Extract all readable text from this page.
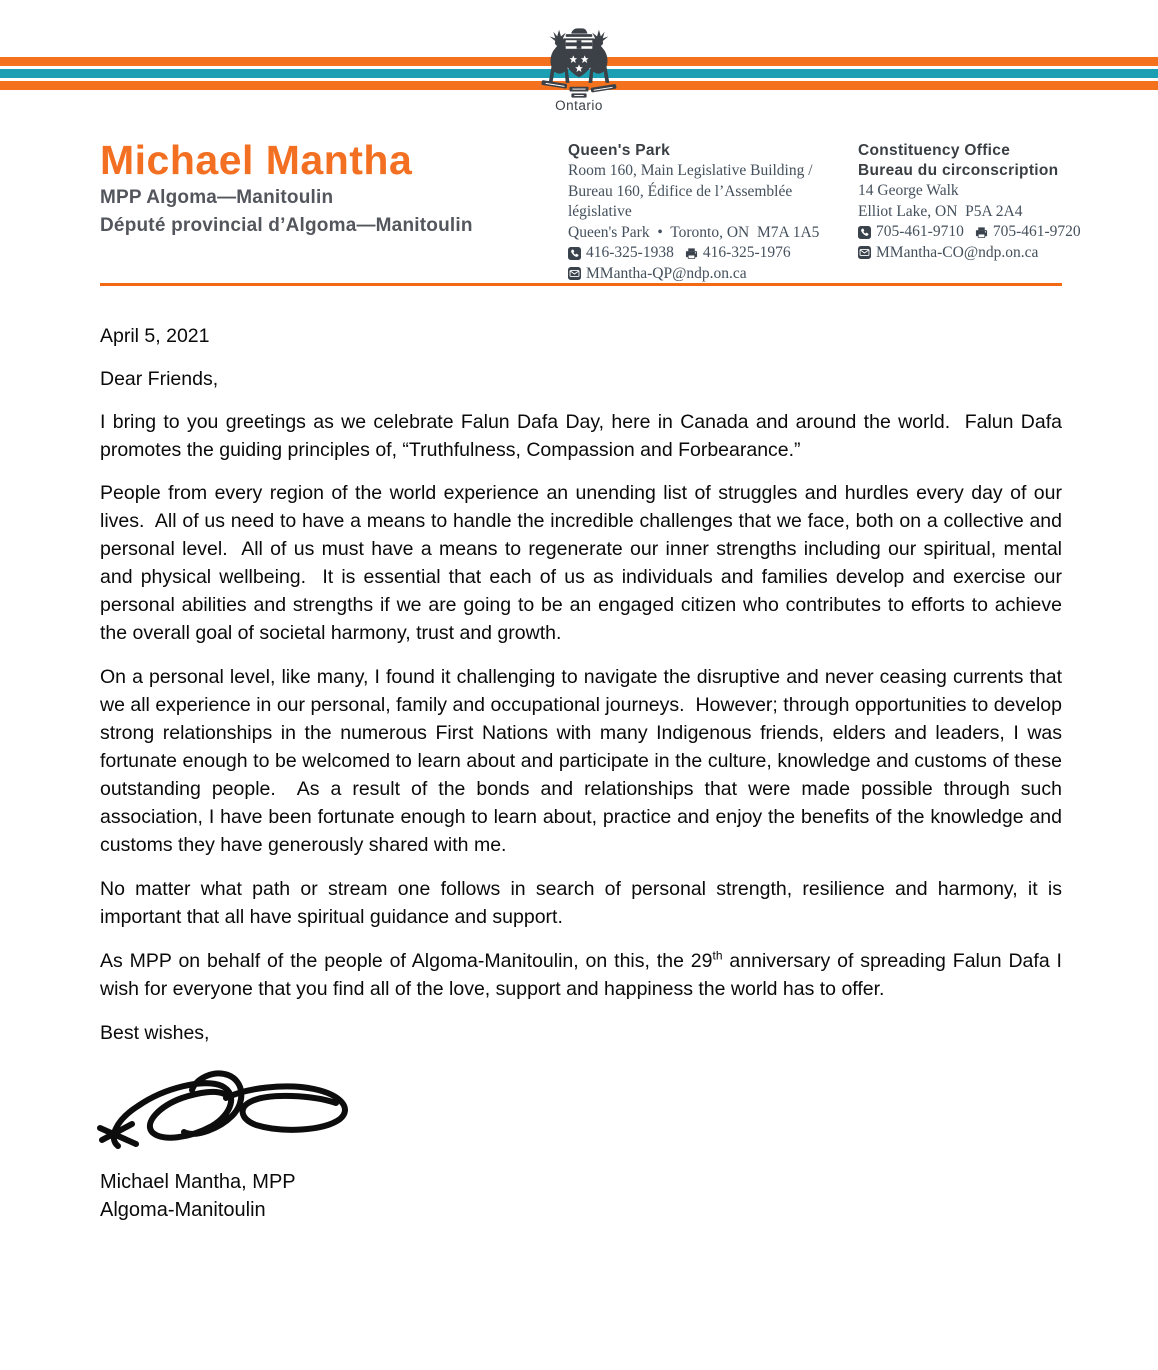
Ontario
Michael Mantha
MPP Algoma—Manitoulin
Député provincial d’Algoma—Manitoulin
Queen's Park
Room 160, Main Legislative Building /
Bureau 160, Édifice de l’Assemblée législative
Queen's Park  •  Toronto, ON  M7A 1A5
416-325-1938 416-325-1976
MMantha-QP@ndp.on.ca
Constituency Office
Bureau du circonscription
14 George Walk
Elliot Lake, ON  P5A 2A4
705-461-9710 705-461-9720
MMantha-CO@ndp.on.ca

April 5, 2021

Dear Friends,

I bring to you greetings as we celebrate Falun Dafa Day, here in Canada and around the world.  Falun Dafa promotes the guiding principles of, “Truthfulness, Compassion and Forbearance.”

People from every region of the world experience an unending list of struggles and hurdles every day of our lives.  All of us need to have a means to handle the incredible challenges that we face, both on a collective and personal level.  All of us must have a means to regenerate our inner strengths including our spiritual, mental and physical wellbeing.  It is essential that each of us as individuals and families develop and exercise our personal abilities and strengths if we are going to be an engaged citizen who contributes to efforts to achieve the overall goal of societal harmony, trust and growth.

On a personal level, like many, I found it challenging to navigate the disruptive and never ceasing currents that we all experience in our personal, family and occupational journeys.  However; through opportunities to develop strong relationships in the numerous First Nations with many Indigenous friends, elders and leaders, I was fortunate enough to be welcomed to learn about and participate in the culture, knowledge and customs of these outstanding people.  As a result of the bonds and relationships that were made possible through such association, I have been fortunate enough to learn about, practice and enjoy the benefits of the knowledge and customs they have generously shared with me.

No matter what path or stream one follows in search of personal strength, resilience and harmony, it is important that all have spiritual guidance and support.

As MPP on behalf of the people of Algoma-Manitoulin, on this, the 29th anniversary of spreading Falun Dafa I wish for everyone that you find all of the love, support and happiness the world has to offer.

Best wishes,

Michael Mantha, MPP
Algoma-Manitoulin
